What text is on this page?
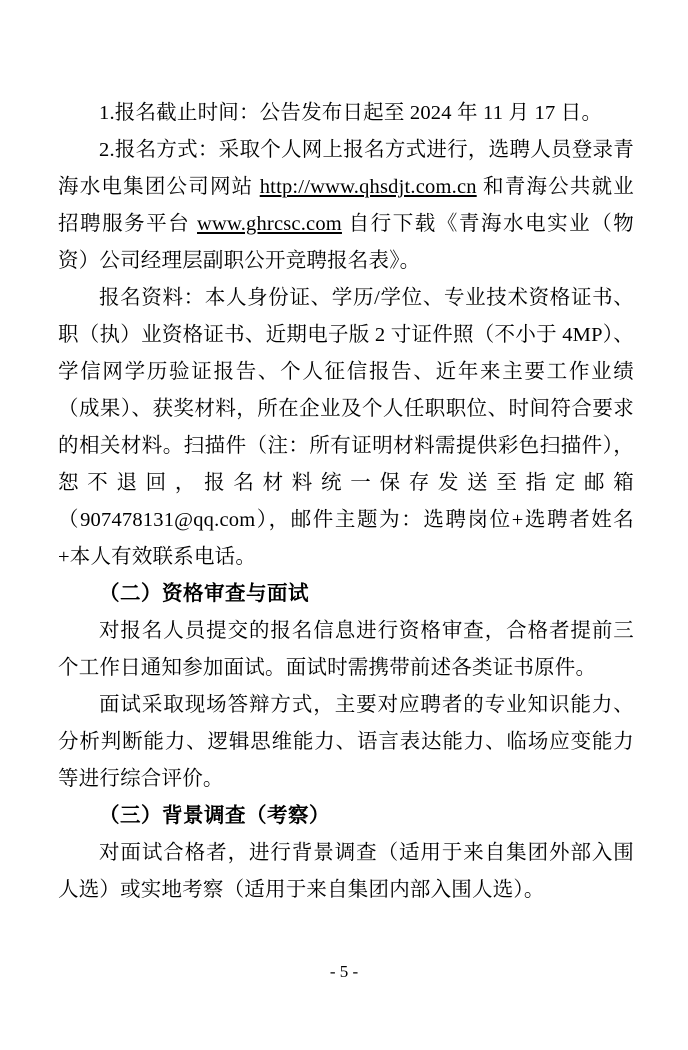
1.报名截止时间：公告发布日起至 2024 年 11 月 17 日。

2.报名方式：采取个人网上报名方式进行，选聘人员登录青海水电集团公司网站 http://www.qhsdjt.com.cn 和青海公共就业招聘服务平台 www.ghrcsc.com 自行下载《青海水电实业（物资）公司经理层副职公开竞聘报名表》。

报名资料：本人身份证、学历/学位、专业技术资格证书、职（执）业资格证书、近期电子版 2 寸证件照（不小于 4MP）、学信网学历验证报告、个人征信报告、近年来主要工作业绩（成果）、获奖材料，所在企业及个人任职职位、时间符合要求的相关材料。扫描件（注：所有证明材料需提供彩色扫描件），恕 不 退 回 ， 报 名 材 料 统 一 保 存 发 送 至 指 定 邮 箱（907478131@qq.com），邮件主题为：选聘岗位+选聘者姓名+本人有效联系电话。

（二）资格审查与面试

对报名人员提交的报名信息进行资格审查，合格者提前三个工作日通知参加面试。面试时需携带前述各类证书原件。

面试采取现场答辩方式，主要对应聘者的专业知识能力、分析判断能力、逻辑思维能力、语言表达能力、临场应变能力等进行综合评价。

（三）背景调查（考察）

对面试合格者，进行背景调查（适用于来自集团外部入围人选）或实地考察（适用于来自集团内部入围人选）。

- 5 -
